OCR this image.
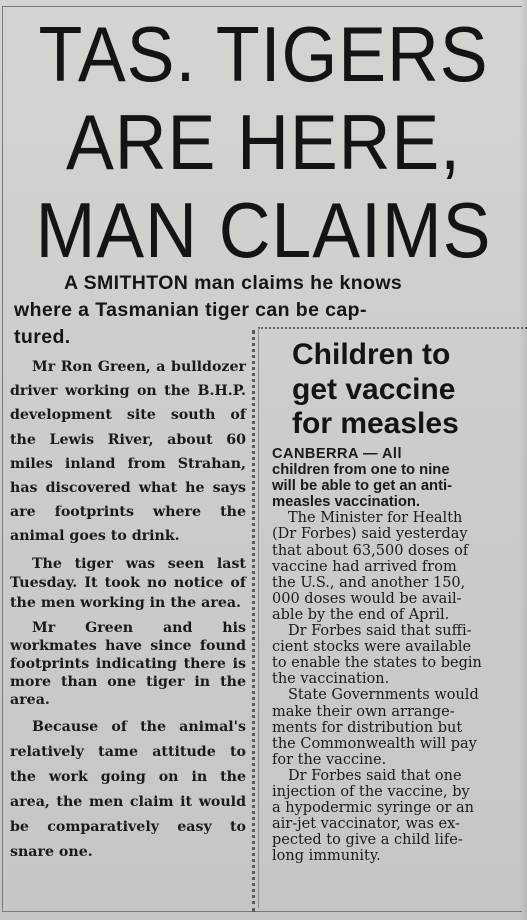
TAS. TIGERS
ARE HERE,
MAN CLAIMS
A SMITHTON man claims he knows
where a Tasmanian tiger can be cap-
tured.

Mr Ron Green, a bulldozer driver working on the B.H.P. development site south of the Lewis River, about 60 miles inland from Strahan, has discovered what he says are footprints where the animal goes to drink.

The tiger was seen last Tuesday. It took no notice of the men working in the area.

Mr Green and his workmates have since found footprints indicating there is more than one tiger in the area.

Because of the animal's relatively tame attitude to the work going on in the area, the men claim it would be comparatively easy to snare one.

Children to
get vaccine
for measles
CANBERRA — All
children from one to nine
will be able to get an anti-
measles vaccination.
The Minister for Health
(Dr Forbes) said yesterday
that about 63,500 doses of
vaccine had arrived from
the U.S., and another 150,
000 doses would be avail-
able by the end of April.
Dr Forbes said that suffi-
cient stocks were available
to enable the states to begin
the vaccination.
State Governments would
make their own arrange-
ments for distribution but
the Commonwealth will pay
for the vaccine.
Dr Forbes said that one
injection of the vaccine, by
a hypodermic syringe or an
air-jet vaccinator, was ex-
pected to give a child life-
long immunity.
